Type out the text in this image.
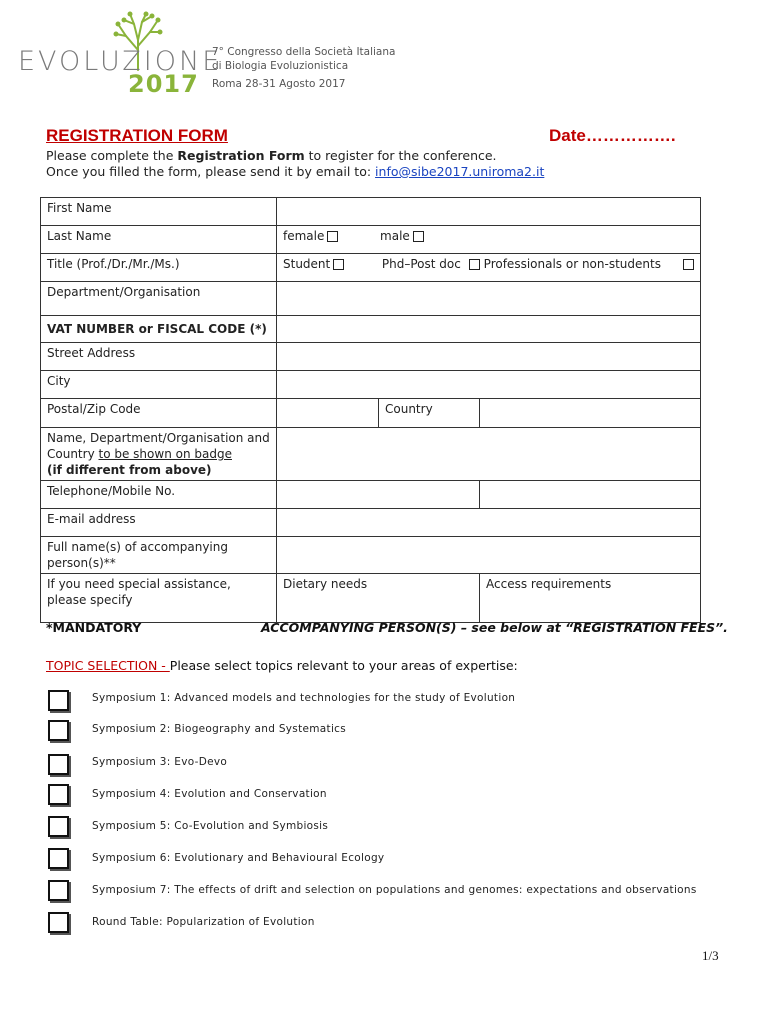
EVOLUZIONE
2017
7° Congresso della Società Italiana
di Biologia Evoluzionistica
Roma 28-31 Agosto 2017
REGISTRATION FORM	Date…………….
Please complete the Registration Form to register for the conference.
Once you filled the form, please send it by email to: info@sibe2017.uniroma2.it
First Name			
Last Name	female male		
Title (Prof./Dr./Mr./Ms.)	Student Phd–Post doc Professionals or non-students		
Department/Organisation			
VAT NUMBER or FISCAL CODE (*)			
Street Address			
City			
Postal/Zip Code		Country	

Name, Department/Organisation and
Country to be shown on badge
(if different from above)			

Telephone/Mobile No.			
E-mail address			

Full name(s) of accompanying
person(s)**			

If you need special assistance,
please specify	Dietary needs		Access requirements
*MANDATORY	ACCOMPANYING PERSON(S) – see below at “REGISTRATION FEES”.
TOPIC SELECTION - Please select topics relevant to your areas of expertise:
Symposium 1: Advanced models and technologies for the study of Evolution
Symposium 2: Biogeography and Systematics
Symposium 3: Evo-Devo
Symposium 4: Evolution and Conservation
Symposium 5: Co-Evolution and Symbiosis
Symposium 6: Evolutionary and Behavioural Ecology
Symposium 7: The effects of drift and selection on populations and genomes: expectations and observations
Round Table: Popularization of Evolution
1/3
